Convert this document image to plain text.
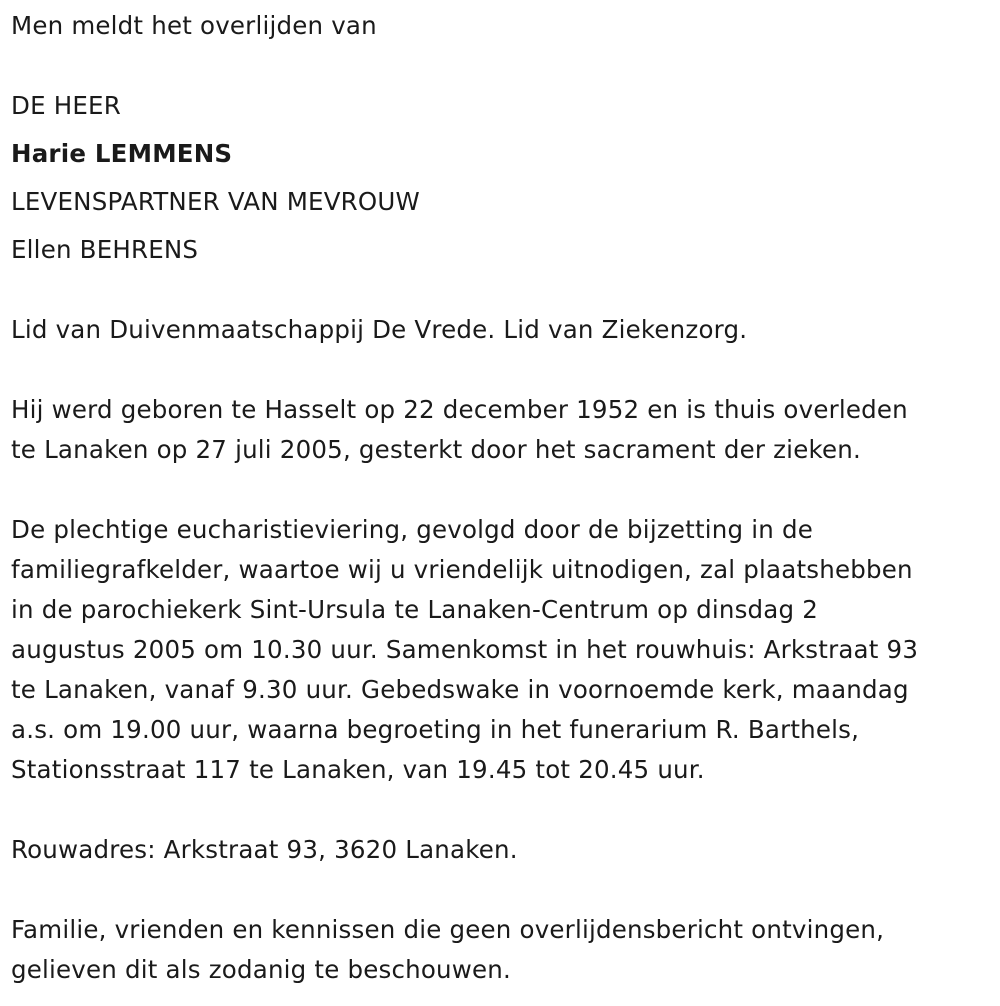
Men meldt het overlijden van
DE HEER
Harie LEMMENS
LEVENSPARTNER VAN MEVROUW
Ellen BEHRENS
Lid van Duivenmaatschappij De Vrede. Lid van Ziekenzorg.
Hij werd geboren te Hasselt op 22 december 1952 en is thuis overleden
te Lanaken op 27 juli 2005, gesterkt door het sacrament der zieken.
De plechtige eucharistieviering, gevolgd door de bijzetting in de
familiegrafkelder, waartoe wij u vriendelijk uitnodigen, zal plaatshebben
in de parochiekerk Sint-Ursula te Lanaken-Centrum op dinsdag 2
augustus 2005 om 10.30 uur. Samenkomst in het rouwhuis: Arkstraat 93
te Lanaken, vanaf 9.30 uur. Gebedswake in voornoemde kerk, maandag
a.s. om 19.00 uur, waarna begroeting in het funerarium R. Barthels,
Stationsstraat 117 te Lanaken, van 19.45 tot 20.45 uur.
Rouwadres: Arkstraat 93, 3620 Lanaken.
Familie, vrienden en kennissen die geen overlijdensbericht ontvingen,
gelieven dit als zodanig te beschouwen.
